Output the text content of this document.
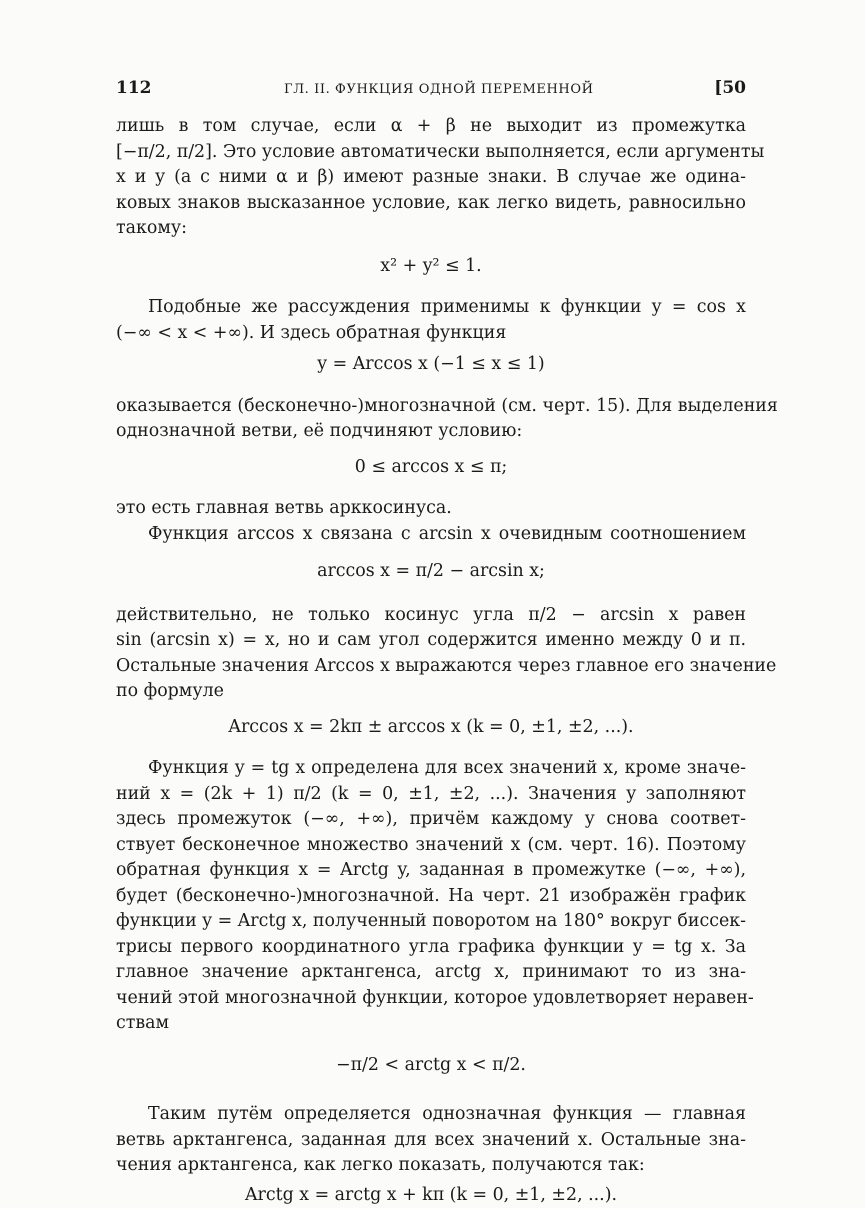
112	ГЛ. II. ФУНКЦИЯ ОДНОЙ ПЕРЕМЕННОЙ	[50
лишь в том случае, если α + β не выходит из промежутка
[−π/2, π/2]. Это условие автоматически выполняется, если аргументы
x и y (а с ними α и β) имеют разные знаки. В случае же одина-
ковых знаков высказанное условие, как легко видеть, равносильно
такому:
x² + y² ≤ 1.
Подобные же рассуждения применимы к функции y = cos x
(−∞ < x < +∞). И здесь обратная функция
y = Arccos x (−1 ≤ x ≤ 1)
оказывается (бесконечно-)многозначной (см. черт. 15). Для выделения
однозначной ветви, её подчиняют условию:
0 ≤ arccos x ≤ π;
это есть главная ветвь арккосинуса.
Функция arccos x связана с arcsin x очевидным соотношением
arccos x = π/2 − arcsin x;
действительно, не только косинус угла π/2 − arcsin x равен
sin (arcsin x) = x, но и сам угол содержится именно между 0 и π.
Остальные значения Arccos x выражаются через главное его значение
по формуле
Arccos x = 2kπ ± arccos x (k = 0, ±1, ±2, ...).
Функция y = tg x определена для всех значений x, кроме значе-
ний x = (2k + 1) π/2 (k = 0, ±1, ±2, ...). Значения y заполняют
здесь промежуток (−∞, +∞), причём каждому y снова соответ-
ствует бесконечное множество значений x (см. черт. 16). Поэтому
обратная функция x = Arctg y, заданная в промежутке (−∞, +∞),
будет (бесконечно-)многозначной. На черт. 21 изображён график
функции y = Arctg x, полученный поворотом на 180° вокруг биссек-
трисы первого координатного угла графика функции y = tg x. За
главное значение арктангенса, arctg x, принимают то из зна-
чений этой многозначной функции, которое удовлетворяет неравен-
ствам
−π/2 < arctg x < π/2.
Таким путём определяется однозначная функция — главная
ветвь арктангенса, заданная для всех значений x. Остальные зна-
чения арктангенса, как легко показать, получаются так:
Arctg x = arctg x + kπ (k = 0, ±1, ±2, ...).
